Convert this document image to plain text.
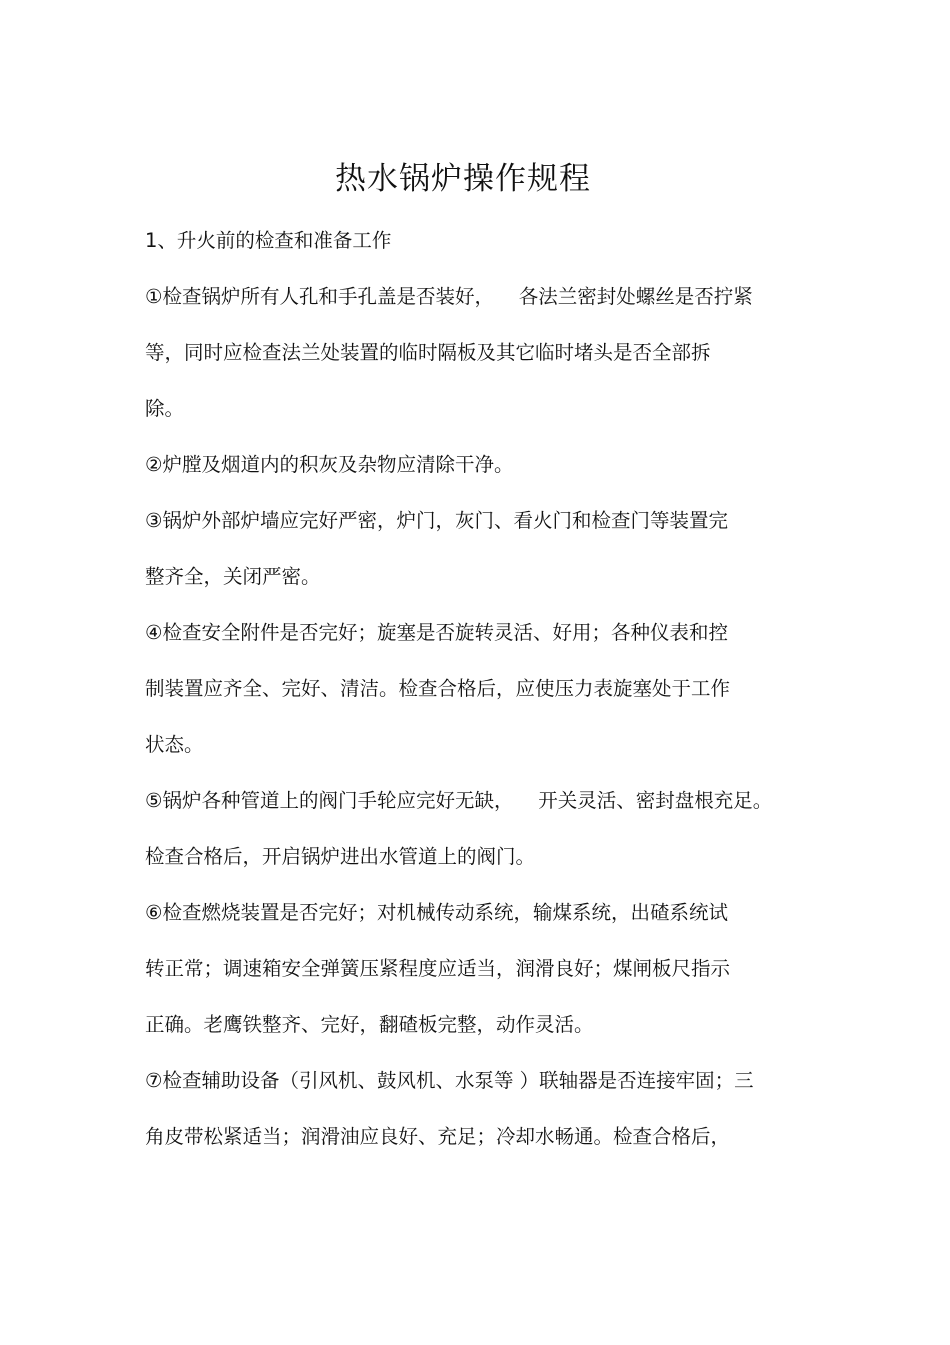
热水锅炉操作规程
1、升火前的检查和准备工作
①检查锅炉所有人孔和手孔盖是否装好，    各法兰密封处螺丝是否拧紧
等，同时应检查法兰处装置的临时隔板及其它临时堵头是否全部拆
除。
②炉膛及烟道内的积灰及杂物应清除干净。
③锅炉外部炉墙应完好严密，炉门，灰门、看火门和检查门等装置完
整齐全，关闭严密。
④检查安全附件是否完好；旋塞是否旋转灵活、好用；各种仪表和控
制装置应齐全、完好、清洁。检查合格后，应使压力表旋塞处于工作
状态。
⑤锅炉各种管道上的阀门手轮应完好无缺，    开关灵活、密封盘根充足。
检查合格后，开启锅炉进出水管道上的阀门。
⑥检查燃烧装置是否完好；对机械传动系统，输煤系统，出碴系统试
转正常；调速箱安全弹簧压紧程度应适当，润滑良好；煤闸板尺指示
正确。老鹰铁整齐、完好，翻碴板完整，动作灵活。
⑦检查辅助设备（引风机、鼓风机、水泵等 ）联轴器是否连接牢固；三
角皮带松紧适当；润滑油应良好、充足；冷却水畅通。检查合格后，
